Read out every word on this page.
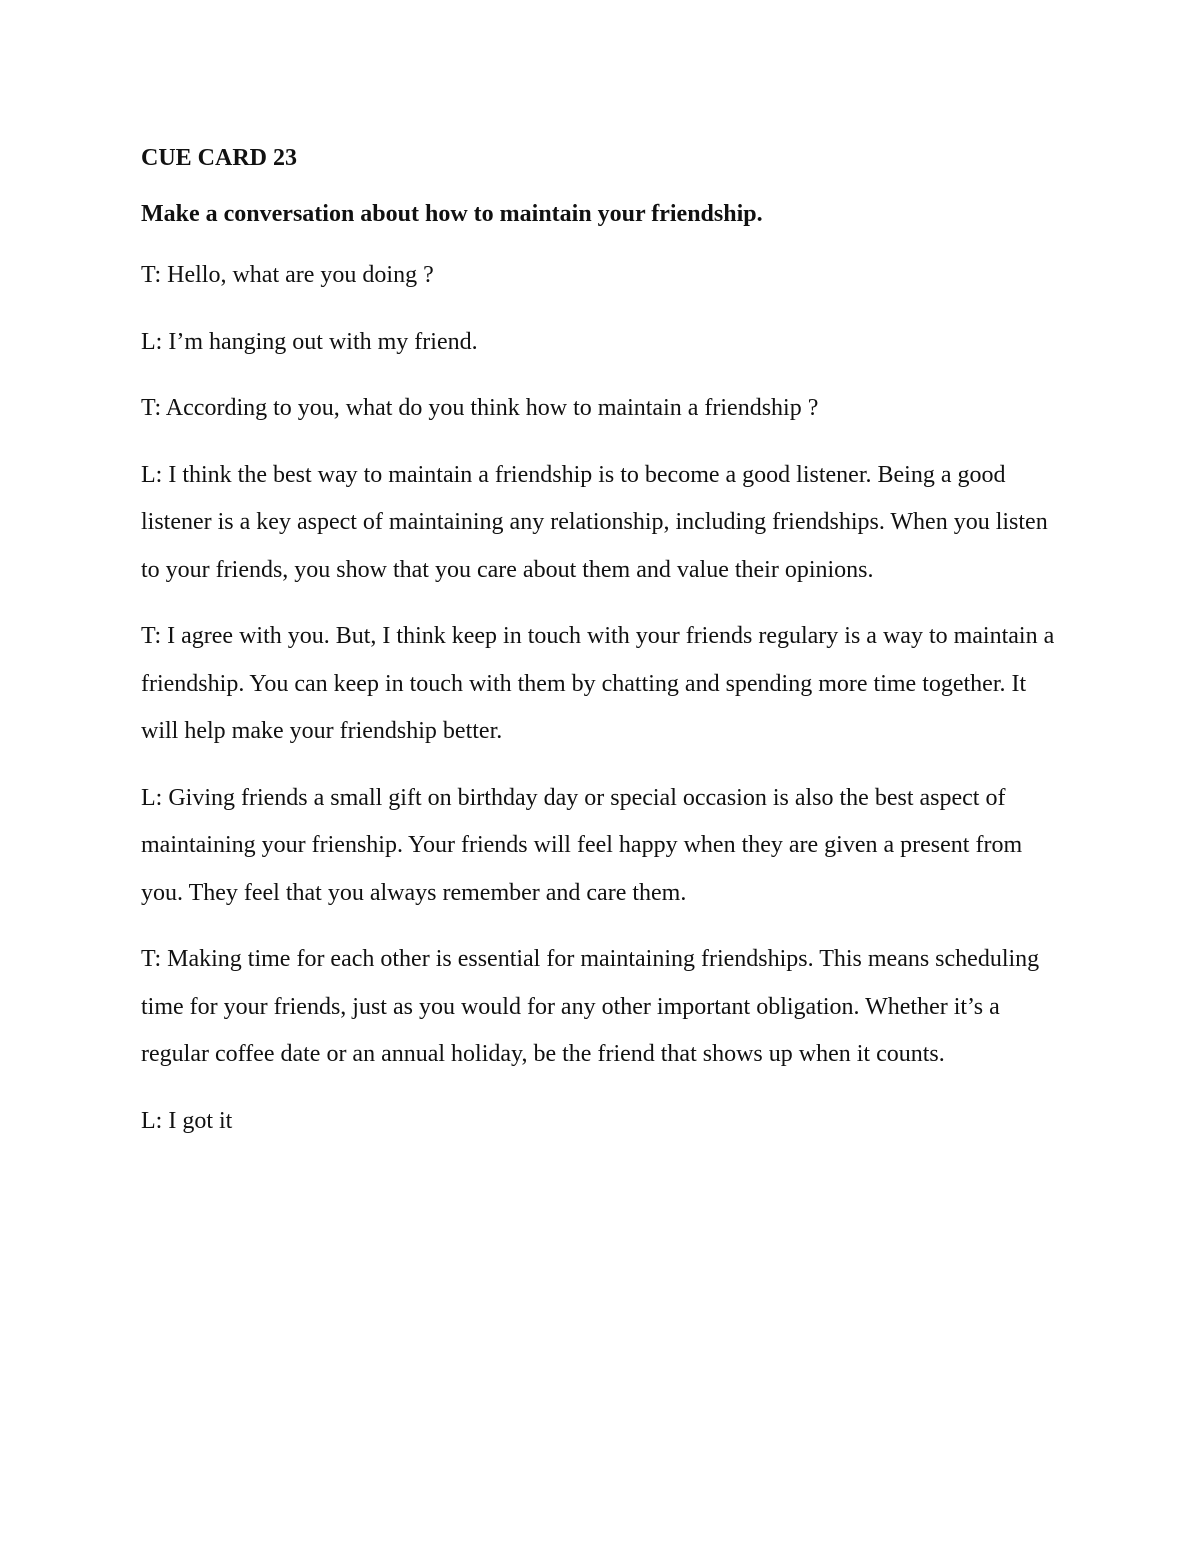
CUE CARD 23
Make a conversation about how to maintain your friendship.
T: Hello, what are you doing ?
L: I’m hanging out with my friend.
T: According to you, what do you think how to maintain a friendship ?
L: I think the best way to maintain a friendship is to become a good listener. Being a good listener is a key aspect of maintaining any relationship, including friendships. When you listen to your friends, you show that you care about them and value their opinions.
T: I agree with you. But, I think keep in touch with your friends regulary is a way to maintain a friendship. You can keep in touch with them by chatting and spending more time together. It will help make your friendship better.
L: Giving friends a small gift on birthday day or special occasion is also the best aspect of maintaining your frienship. Your friends will feel happy when they are given a present from you. They feel that you always remember and care them.
T: Making time for each other is essential for maintaining friendships. This means scheduling time for your friends, just as you would for any other important obligation. Whether it’s a regular coffee date or an annual holiday, be the friend that shows up when it counts.
L: I got it
